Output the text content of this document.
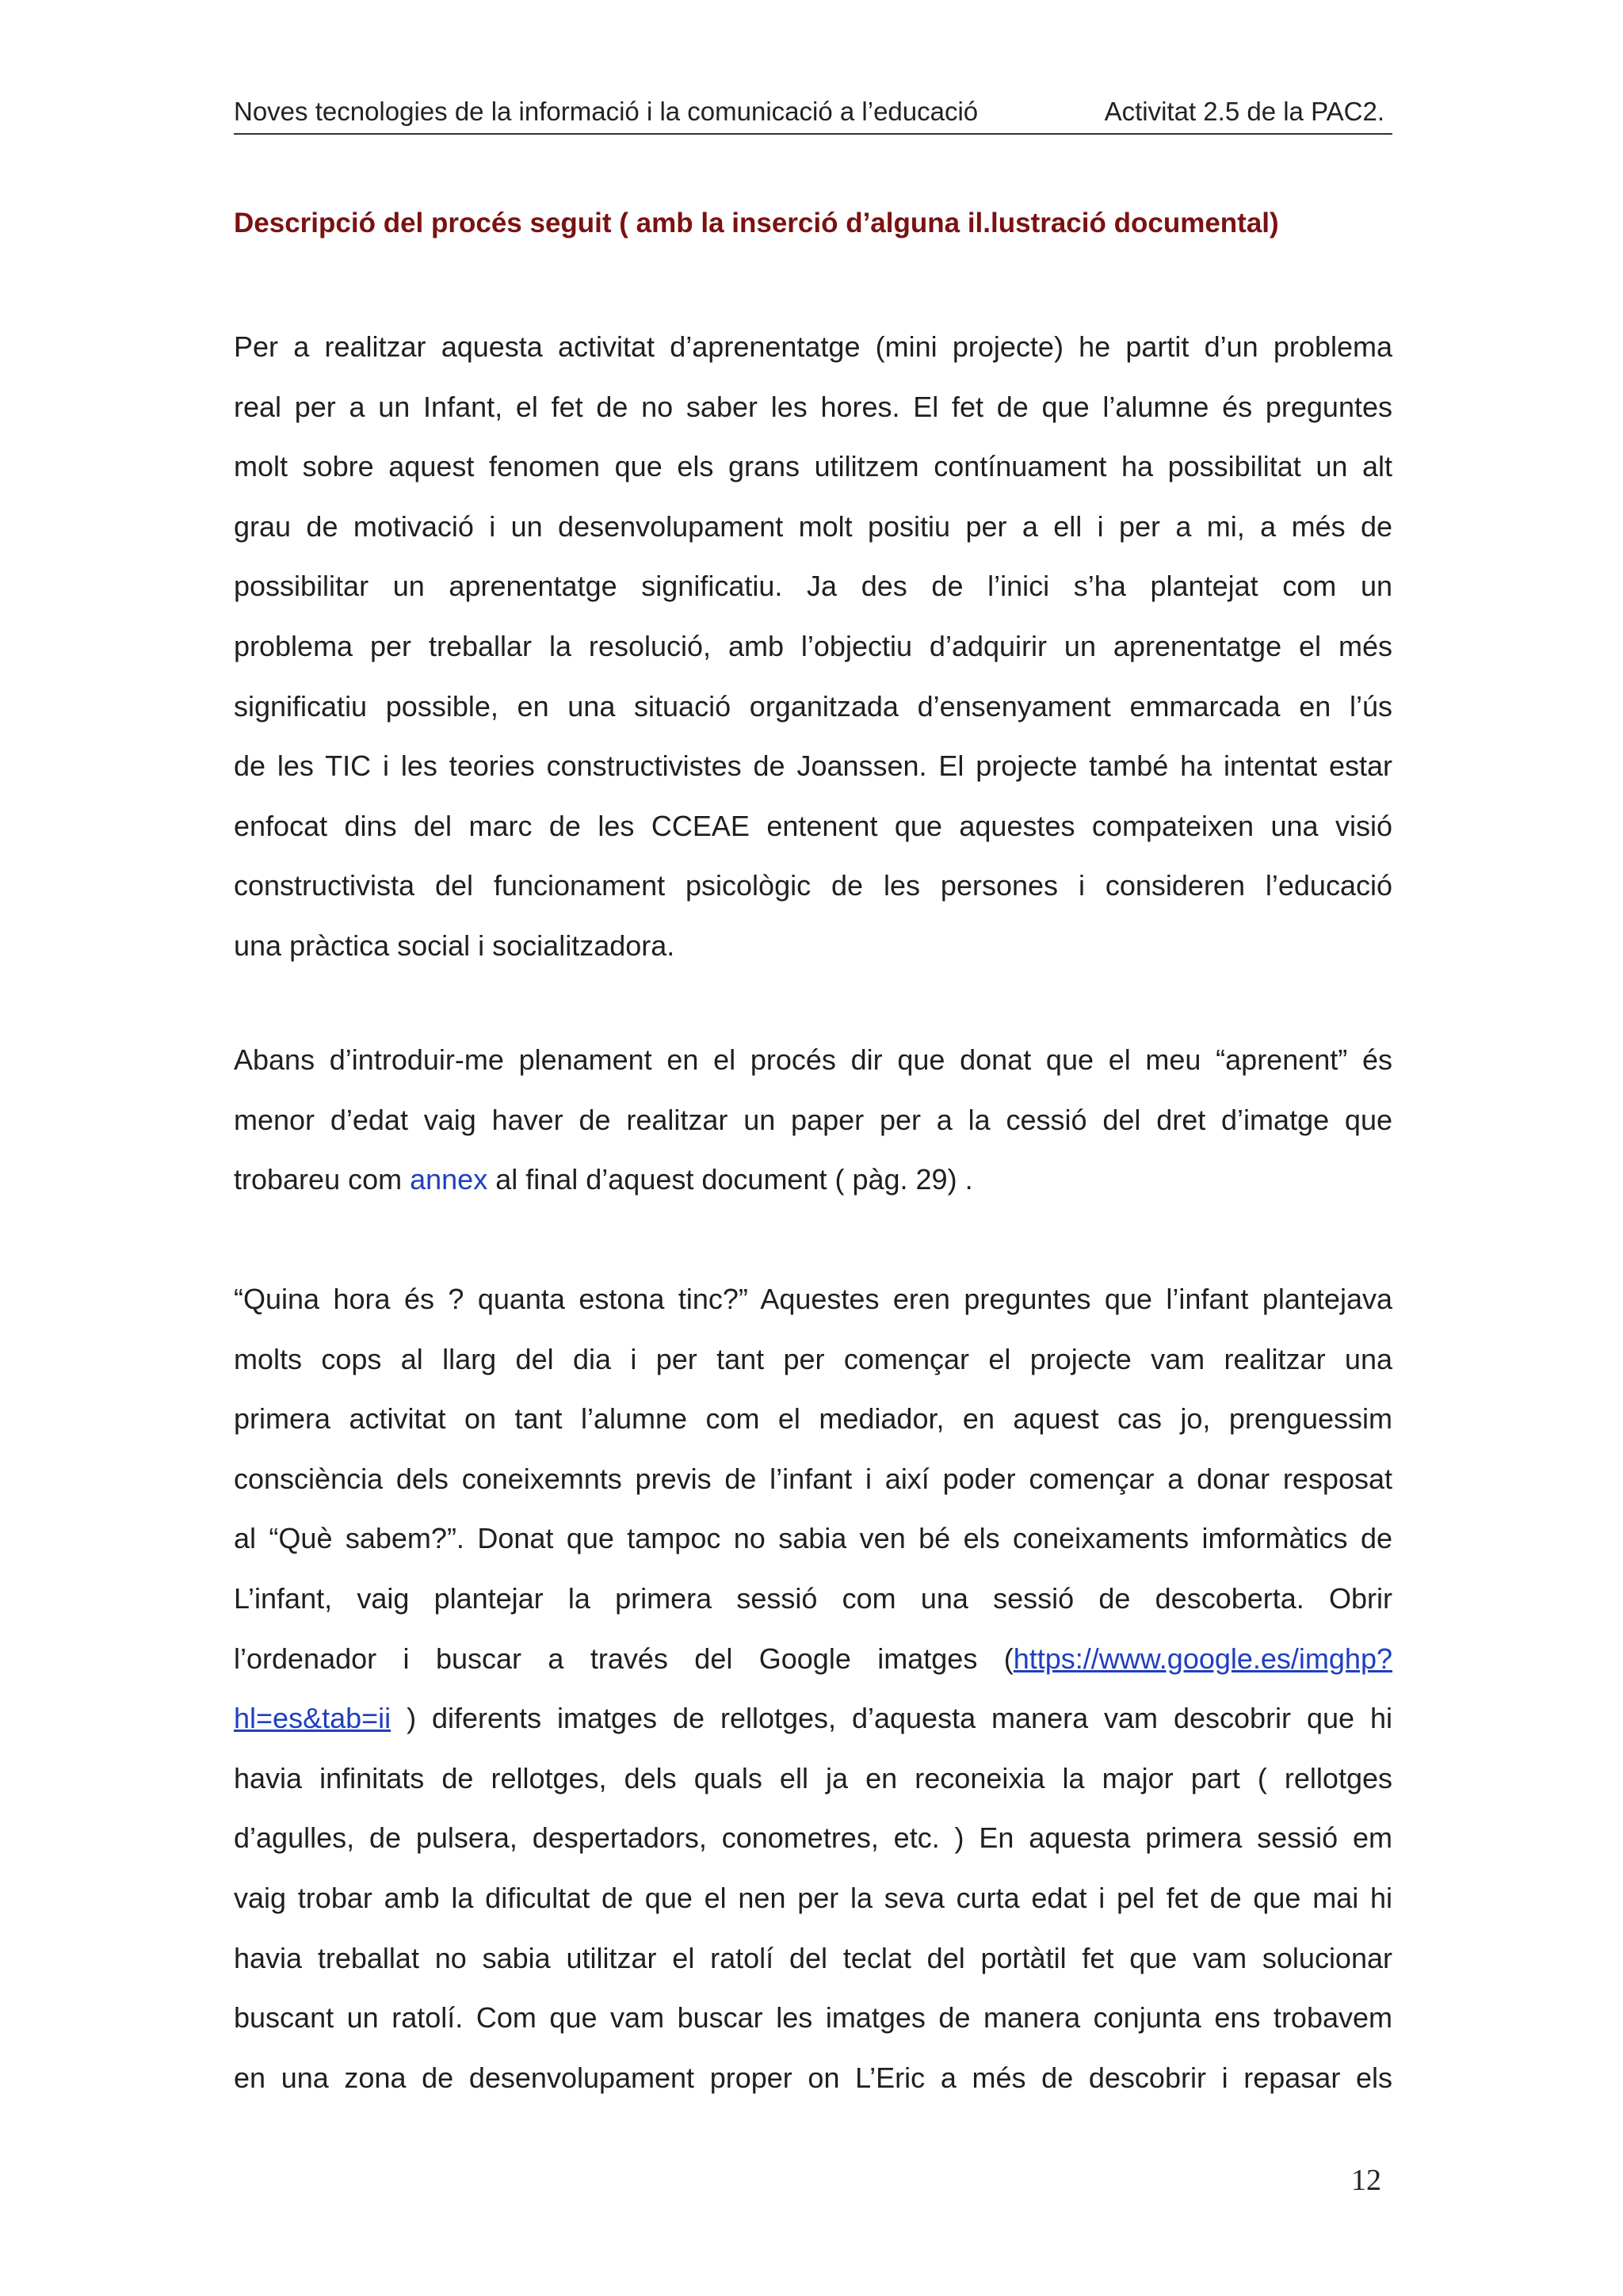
Noves tecnologies de la informació i la comunicació a l’educació	Activitat 2.5 de la PAC2.
Descripció del procés seguit ( amb la inserció d’alguna il.lustració documental)
Per a realitzar aquesta activitat d’aprenentatge (mini projecte) he partit d’un problema
real per a un Infant, el fet de no saber les hores. El fet de que l’alumne és preguntes
molt sobre aquest fenomen que els grans utilitzem contínuament ha possibilitat un alt
grau de motivació i un desenvolupament molt positiu per a ell i per a mi, a més de
possibilitar un aprenentatge significatiu. Ja des de l’inici s’ha plantejat com un
problema per treballar la resolució, amb l’objectiu d’adquirir un aprenentatge el més
significatiu possible, en una situació organitzada d’ensenyament emmarcada en l’ús
de les TIC i les teories constructivistes de Joanssen. El projecte també ha intentat estar
enfocat dins del marc de les CCEAE entenent que aquestes compateixen una visió
constructivista del funcionament psicològic de les persones i consideren l’educació
una pràctica social i socialitzadora.
Abans d’introduir-me plenament en el procés dir que donat que el meu “aprenent” és
menor d’edat vaig haver de realitzar un paper per a la cessió del dret d’imatge que
trobareu com annex al final d’aquest document ( pàg. 29) .
“Quina hora és ? quanta estona tinc?” Aquestes eren preguntes que l’infant plantejava
molts cops al llarg del dia i per tant per començar el projecte vam realitzar una
primera activitat on tant l’alumne com el mediador, en aquest cas jo, prenguessim
consciència dels coneixemnts previs de l’infant i així poder començar a donar resposat
al “Què sabem?”. Donat que tampoc no sabia ven bé els coneixaments imformàtics de
L’infant, vaig plantejar la primera sessió com una sessió de descoberta. Obrir
l’ordenador i buscar a través del Google imatges (https://www.google.es/imghp?
hl=es&tab=ii ) diferents imatges de rellotges, d’aquesta manera vam descobrir que hi
havia infinitats de rellotges, dels quals ell ja en reconeixia la major part ( rellotges
d’agulles, de pulsera, despertadors, conometres, etc. ) En aquesta primera sessió em
vaig trobar amb la dificultat de que el nen per la seva curta edat i pel fet de que mai hi
havia treballat no sabia utilitzar el ratolí del teclat del portàtil fet que vam solucionar
buscant un ratolí. Com que vam buscar les imatges de manera conjunta ens trobavem
en una zona de desenvolupament proper on L’Eric a més de descobrir i repasar els
12
